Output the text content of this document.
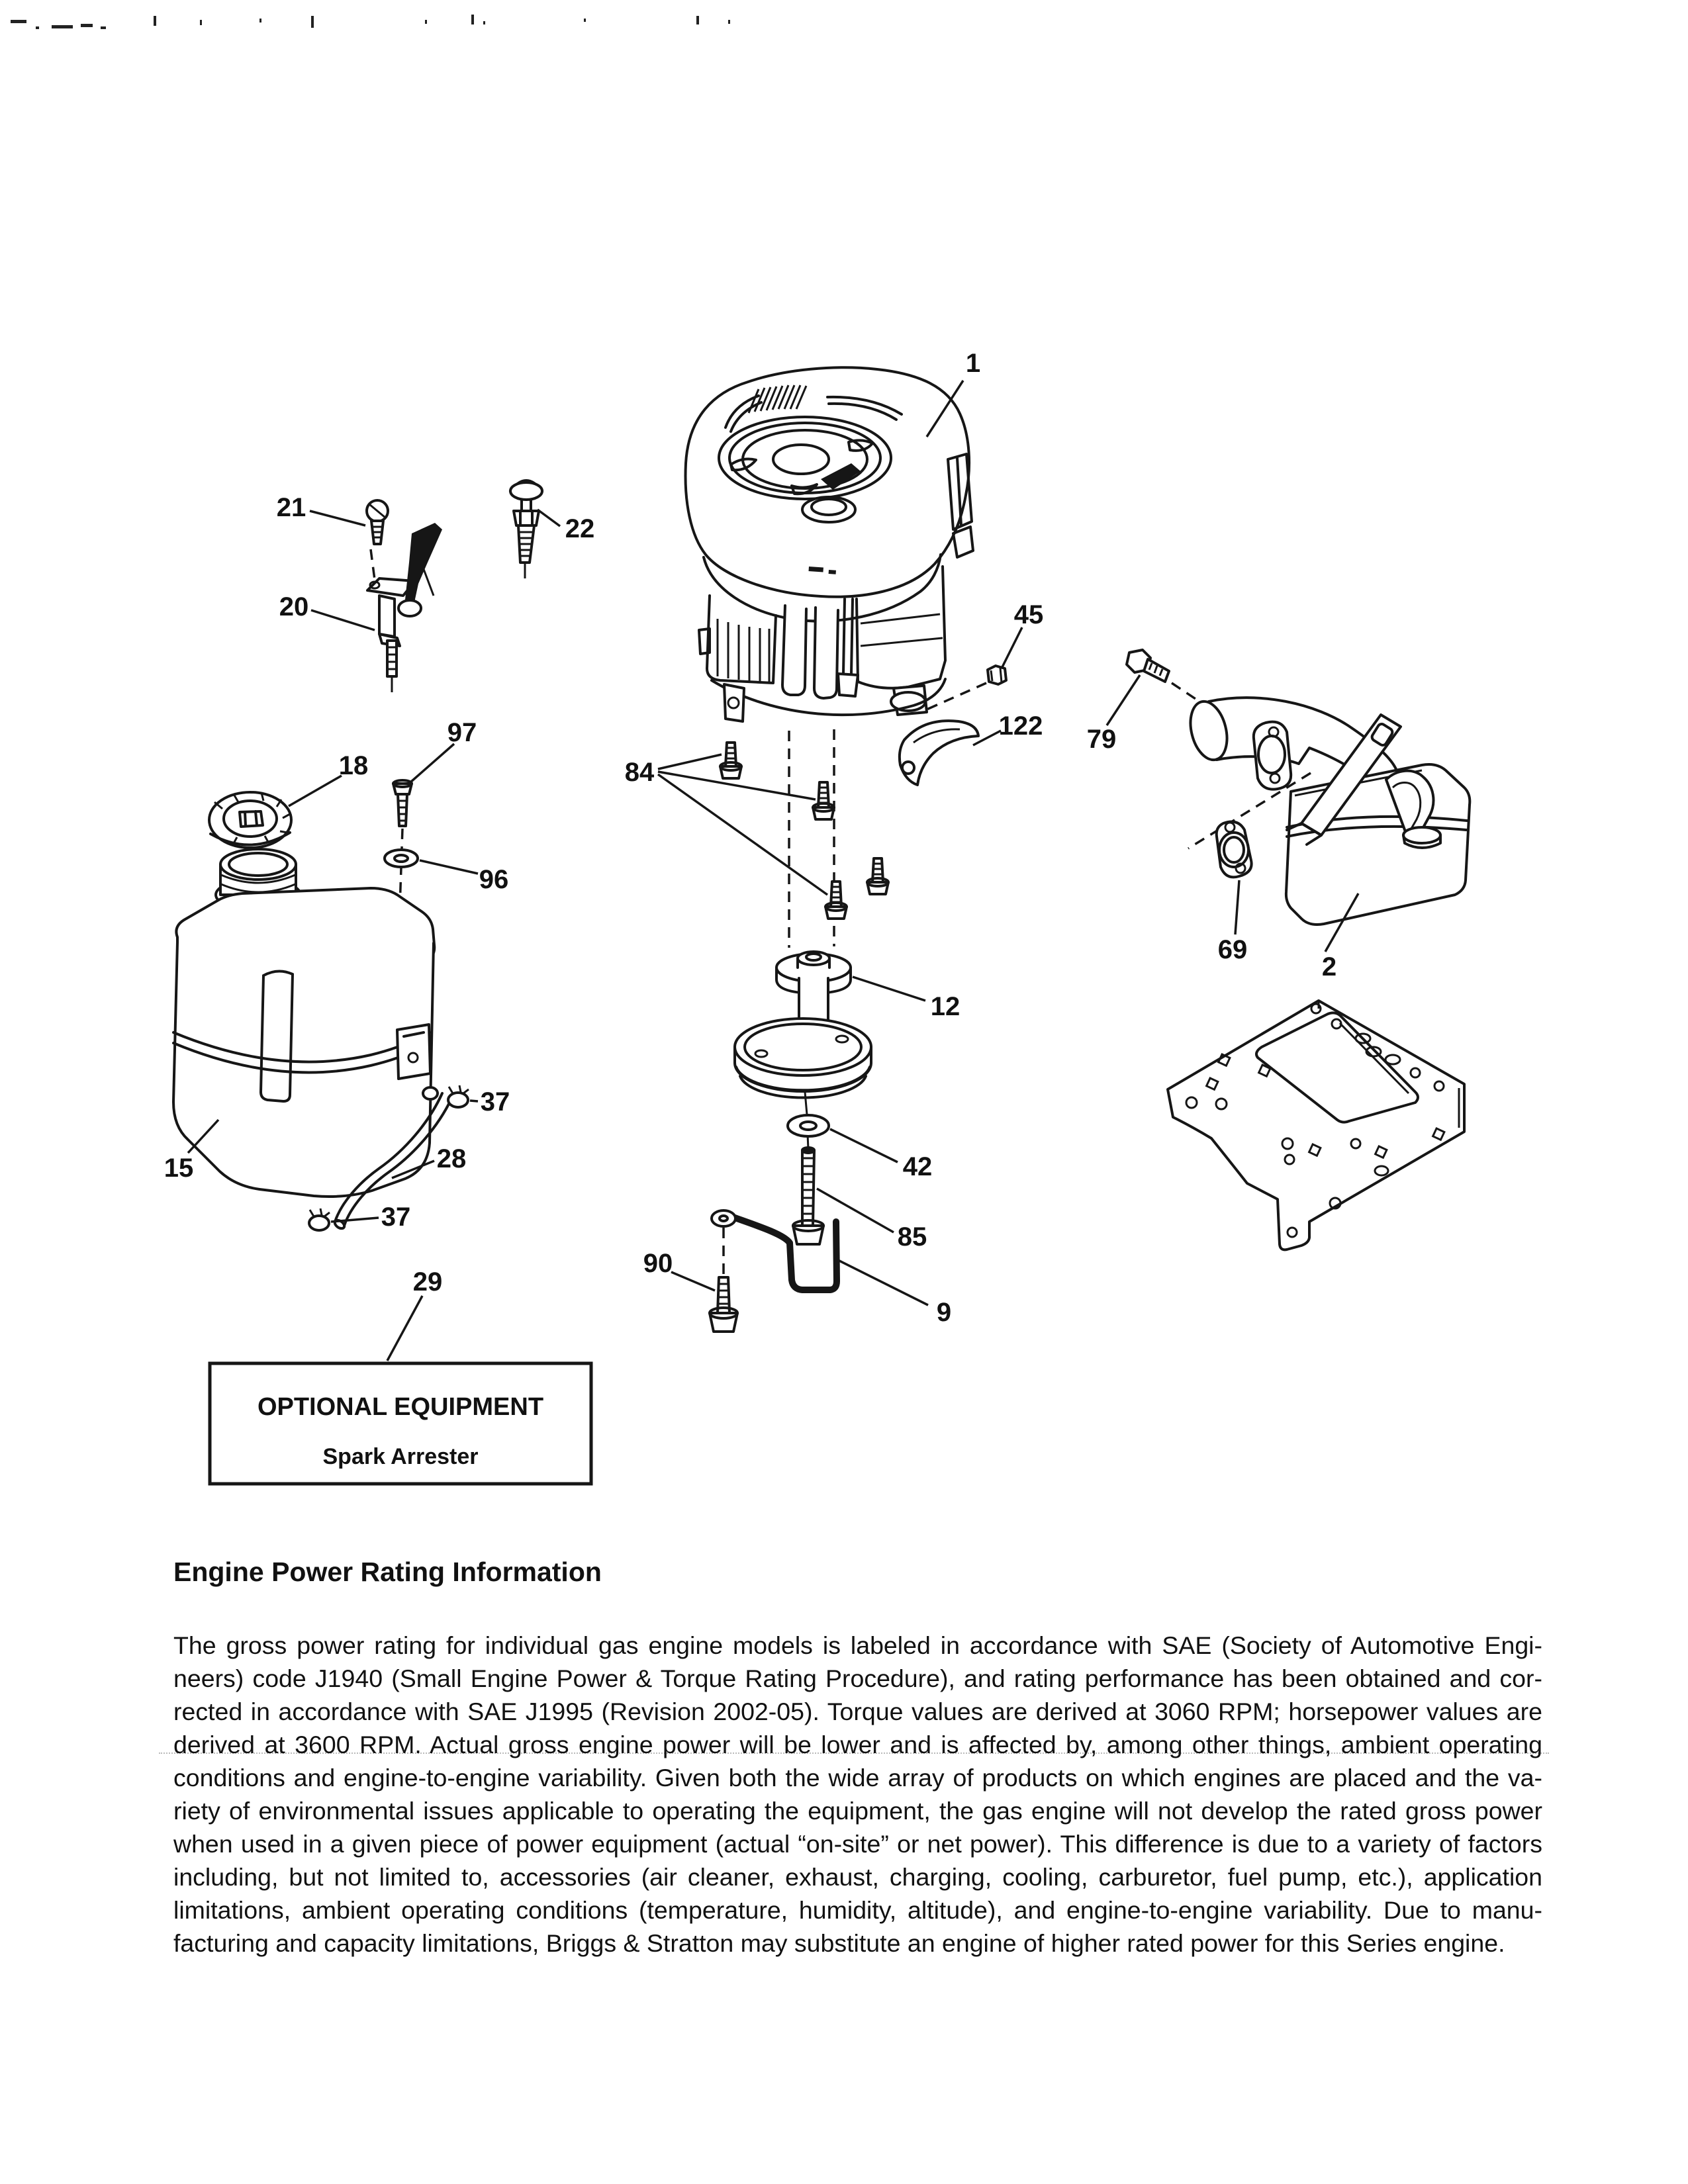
1
21
22
20	45
122 79
97
18	84
96
69
2
12
15
37
28
37
42
85
90
9
29
OPTIONAL EQUIPMENT
Spark Arrester
Engine Power Rating Information
The gross power rating for individual gas engine models is labeled in accordance with SAE (Society of Automotive Engi-
neers) code J1940 (Small Engine Power & Torque Rating Procedure), and rating performance has been obtained and cor-
rected in accordance with SAE J1995 (Revision 2002-05). Torque values are derived at 3060 RPM; horsepower values are
derived at 3600 RPM. Actual gross engine power will be lower and is affected by, among other things, ambient operating
conditions and engine-to-engine variability. Given both the wide array of products on which engines are placed and the va-
riety of environmental issues applicable to operating the equipment, the gas engine will not develop the rated gross power
when used in a given piece of power equipment (actual “on-site” or net power). This difference is due to a variety of factors
including, but not limited to, accessories (air cleaner, exhaust, charging, cooling, carburetor, fuel pump, etc.), application
limitations, ambient operating conditions (temperature, humidity, altitude), and engine-to-engine variability. Due to manu-
facturing and capacity limitations, Briggs & Stratton may substitute an engine of higher rated power for this Series engine.
